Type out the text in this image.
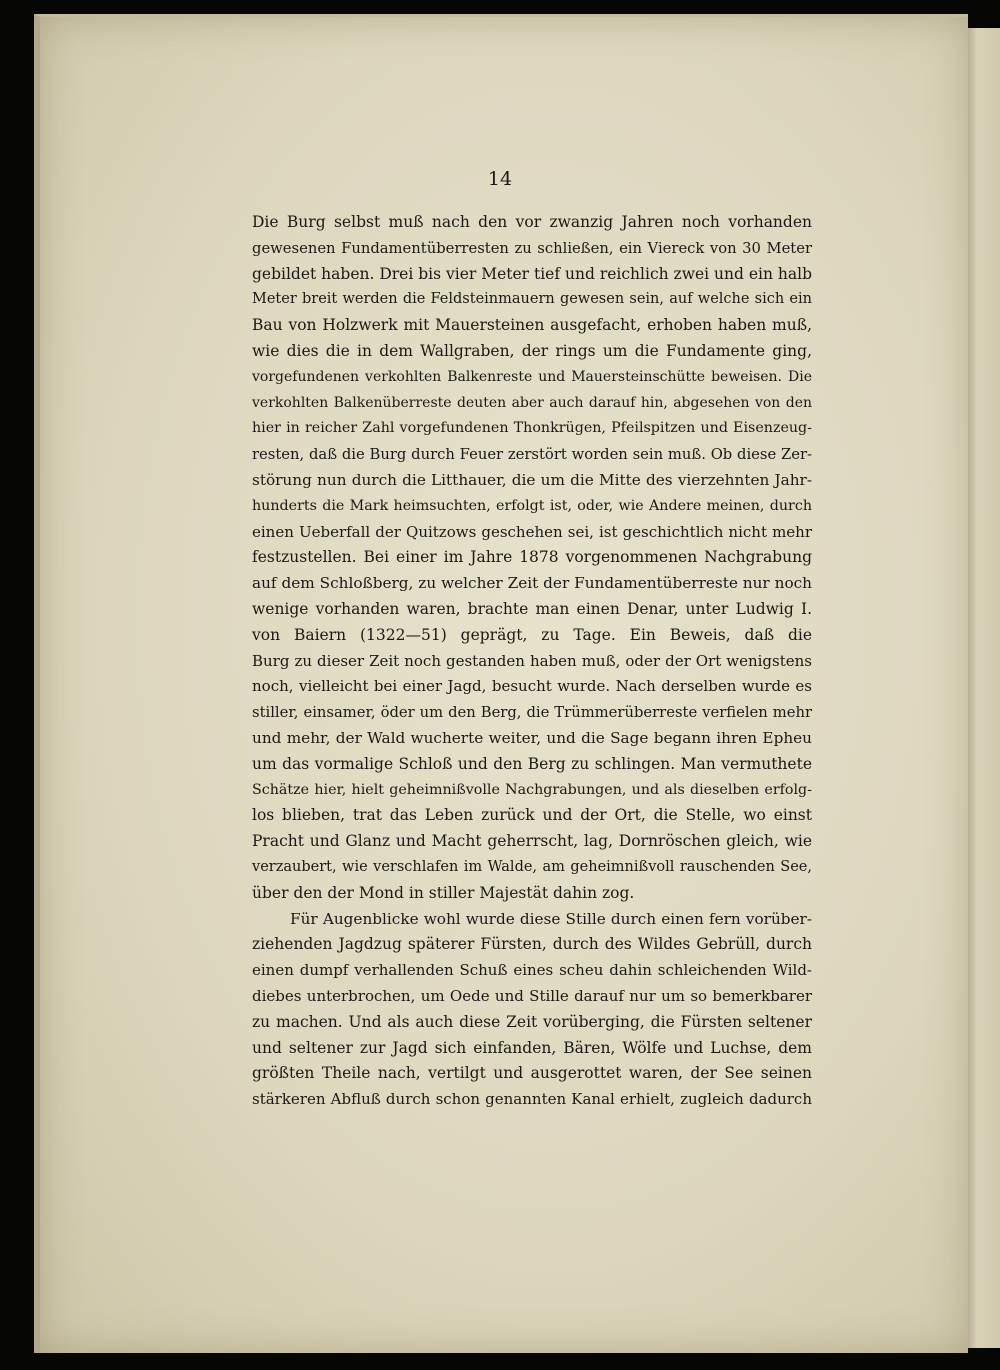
14
Die Burg selbst muß nach den vor zwanzig Jahren noch vorhanden
gewesenen Fundamentüberresten zu schließen, ein Viereck von 30 Meter
gebildet haben. Drei bis vier Meter tief und reichlich zwei und ein halb
Meter breit werden die Feldsteinmauern gewesen sein, auf welche sich ein
Bau von Holzwerk mit Mauersteinen ausgefacht, erhoben haben muß,
wie dies die in dem Wallgraben, der rings um die Fundamente ging,
vorgefundenen verkohlten Balkenreste und Mauersteinschütte beweisen. Die
verkohlten Balkenüberreste deuten aber auch darauf hin, abgesehen von den
hier in reicher Zahl vorgefundenen Thonkrügen, Pfeilspitzen und Eisenzeug-
resten, daß die Burg durch Feuer zerstört worden sein muß. Ob diese Zer-
störung nun durch die Litthauer, die um die Mitte des vierzehnten Jahr-
hunderts die Mark heimsuchten, erfolgt ist, oder, wie Andere meinen, durch
einen Ueberfall der Quitzows geschehen sei, ist geschichtlich nicht mehr
festzustellen. Bei einer im Jahre 1878 vorgenommenen Nachgrabung
auf dem Schloßberg, zu welcher Zeit der Fundamentüberreste nur noch
wenige vorhanden waren, brachte man einen Denar, unter Ludwig I.
von Baiern (1322—51) geprägt, zu Tage. Ein Beweis, daß die
Burg zu dieser Zeit noch gestanden haben muß, oder der Ort wenigstens
noch, vielleicht bei einer Jagd, besucht wurde. Nach derselben wurde es
stiller, einsamer, öder um den Berg, die Trümmerüberreste verfielen mehr
und mehr, der Wald wucherte weiter, und die Sage begann ihren Epheu
um das vormalige Schloß und den Berg zu schlingen. Man vermuthete
Schätze hier, hielt geheimnißvolle Nachgrabungen, und als dieselben erfolg-
los blieben, trat das Leben zurück und der Ort, die Stelle, wo einst
Pracht und Glanz und Macht geherrscht, lag, Dornröschen gleich, wie
verzaubert, wie verschlafen im Walde, am geheimnißvoll rauschenden See,
über den der Mond in stiller Majestät dahin zog.
Für Augenblicke wohl wurde diese Stille durch einen fern vorüber-
ziehenden Jagdzug späterer Fürsten, durch des Wildes Gebrüll, durch
einen dumpf verhallenden Schuß eines scheu dahin schleichenden Wild-
diebes unterbrochen, um Oede und Stille darauf nur um so bemerkbarer
zu machen. Und als auch diese Zeit vorüberging, die Fürsten seltener
und seltener zur Jagd sich einfanden, Bären, Wölfe und Luchse, dem
größten Theile nach, vertilgt und ausgerottet waren, der See seinen
stärkeren Abfluß durch schon genannten Kanal erhielt, zugleich dadurch
